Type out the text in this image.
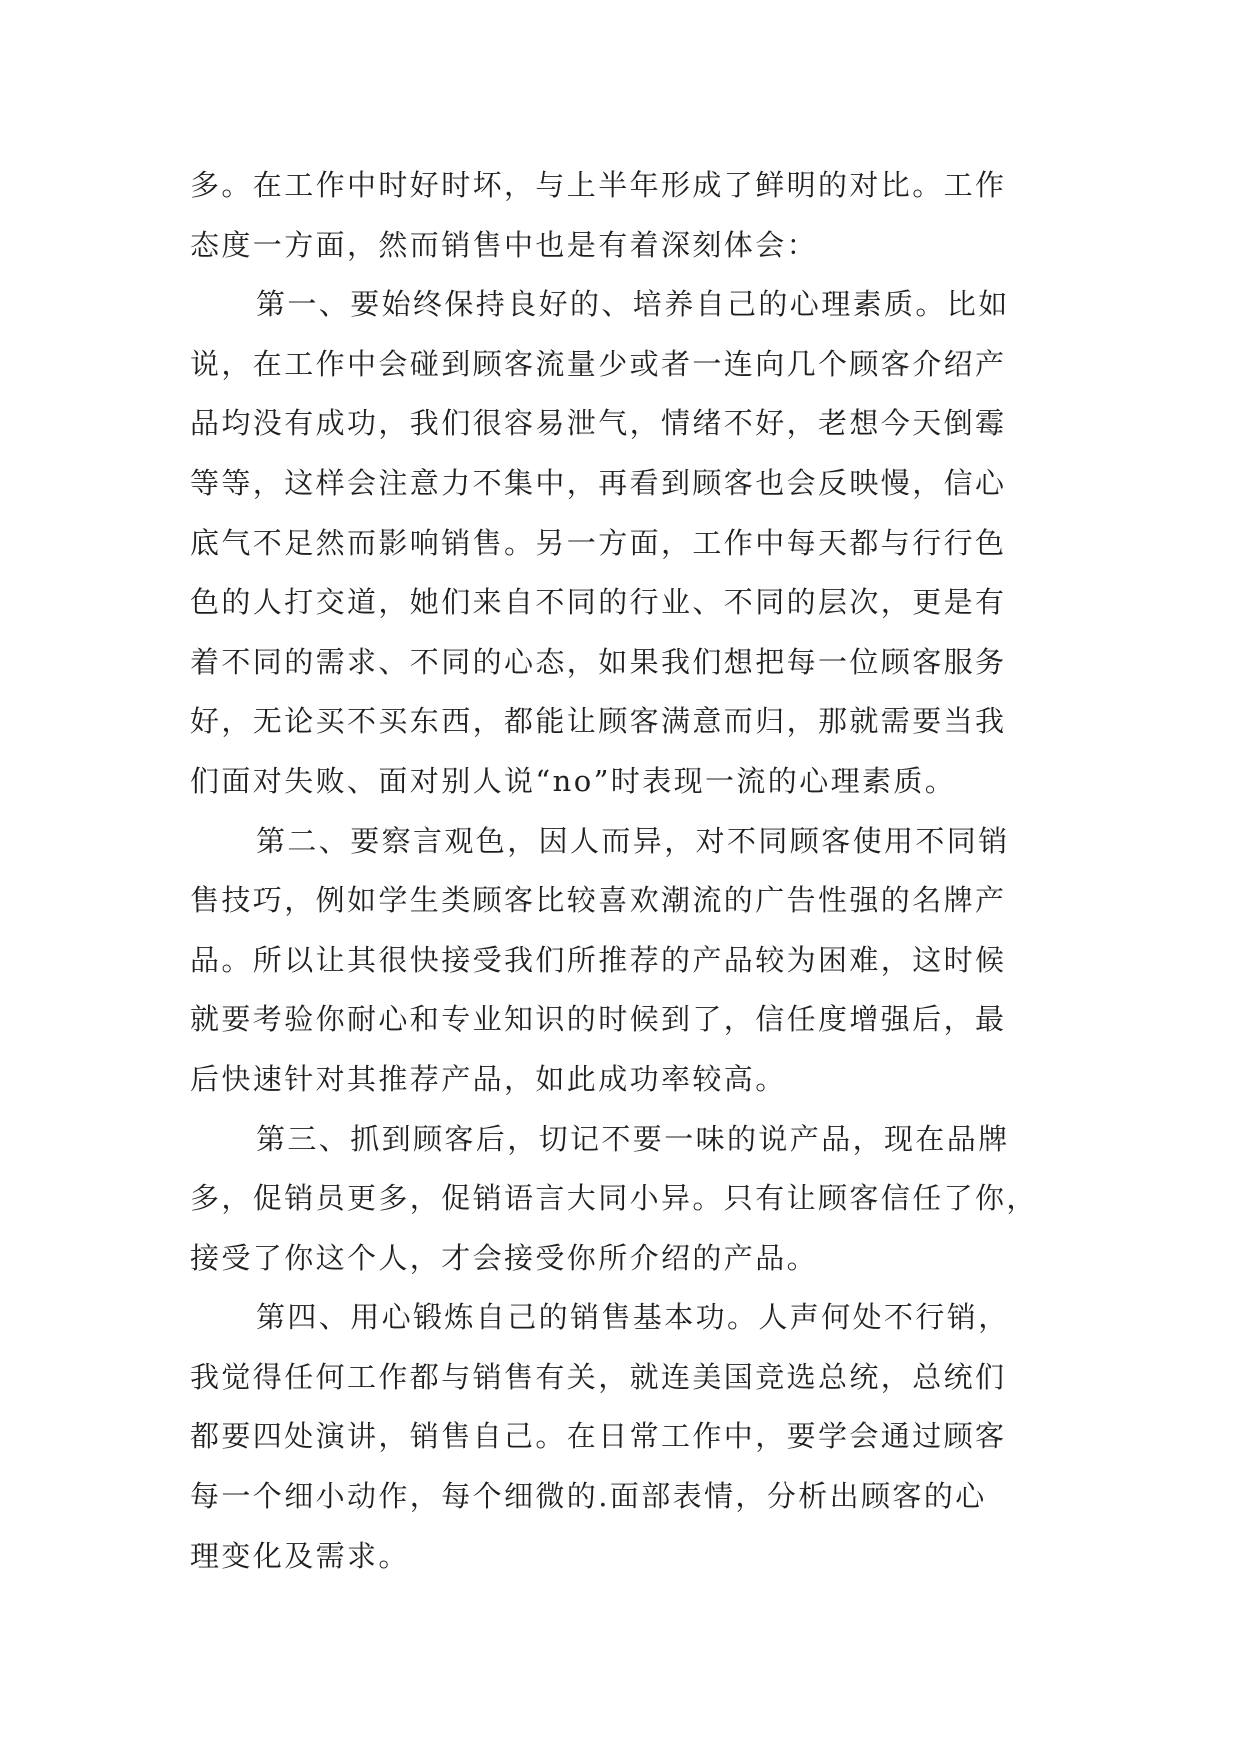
多。在工作中时好时坏，与上半年形成了鲜明的对比。工作
态度一方面，然而销售中也是有着深刻体会：
第一、要始终保持良好的、培养自己的心理素质。比如
说，在工作中会碰到顾客流量少或者一连向几个顾客介绍产
品均没有成功，我们很容易泄气，情绪不好，老想今天倒霉
等等，这样会注意力不集中，再看到顾客也会反映慢，信心
底气不足然而影响销售。另一方面，工作中每天都与行行色
色的人打交道，她们来自不同的行业、不同的层次，更是有
着不同的需求、不同的心态，如果我们想把每一位顾客服务
好，无论买不买东西，都能让顾客满意而归，那就需要当我
们面对失败、面对别人说“no”时表现一流的心理素质。
第二、要察言观色，因人而异，对不同顾客使用不同销
售技巧，例如学生类顾客比较喜欢潮流的广告性强的名牌产
品。所以让其很快接受我们所推荐的产品较为困难，这时候
就要考验你耐心和专业知识的时候到了，信任度增强后，最
后快速针对其推荐产品，如此成功率较高。
第三、抓到顾客后，切记不要一味的说产品，现在品牌
多，促销员更多，促销语言大同小异。只有让顾客信任了你，
接受了你这个人，才会接受你所介绍的产品。
第四、用心锻炼自己的销售基本功。人声何处不行销，
我觉得任何工作都与销售有关，就连美国竞选总统，总统们
都要四处演讲，销售自己。在日常工作中，要学会通过顾客
每一个细小动作，每个细微的.面部表情，分析出顾客的心
理变化及需求。
